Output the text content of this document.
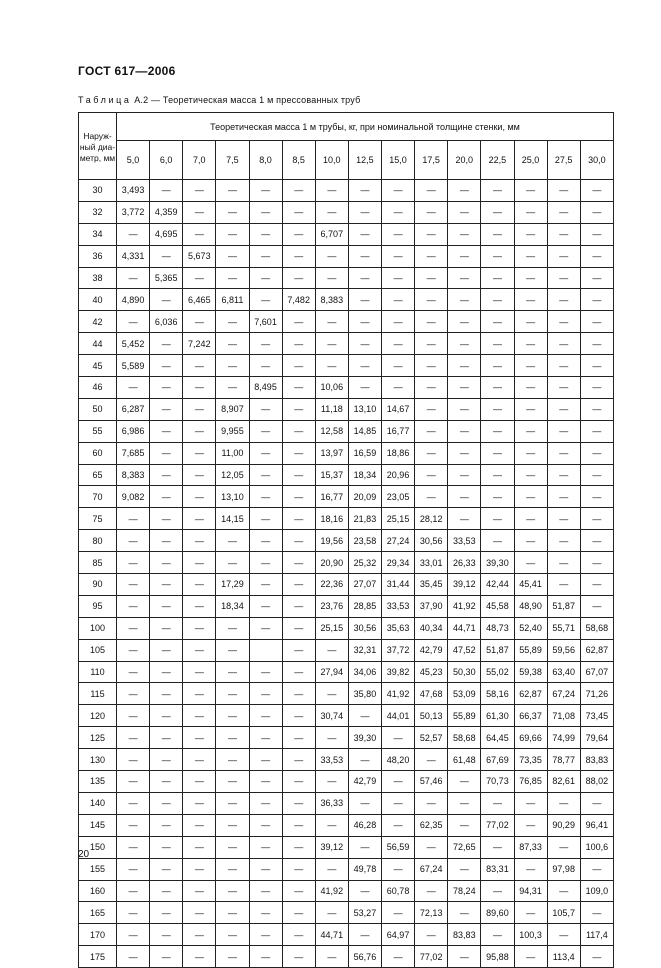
ГОСТ 617—2006
Таблица А.2 — Теоретическая масса 1 м прессованных труб
Наруж-ный диа-метр, мм	Теоретическая масса 1 м трубы, кг, при номинальной толщине стенки, мм														
	5,0	6,0	7,0	7,5	8,0	8,5	10,0	12,5	15,0	17,5	20,0	22,5	25,0	27,5	30,0
30	3,493	—	—	—	—	—	—	—	—	—	—	—	—	—	—
32	3,772	4,359	—	—	—	—	—	—	—	—	—	—	—	—	—
34	—	4,695	—	—	—	—	6,707	—	—	—	—	—	—	—	—
36	4,331	—	5,673	—	—	—	—	—	—	—	—	—	—	—	—
38	—	5,365	—	—	—	—	—	—	—	—	—	—	—	—	—
40	4,890	—	6,465	6,811	—	7,482	8,383	—	—	—	—	—	—	—	—
42	—	6,036	—	—	7,601	—	—	—	—	—	—	—	—	—	—
44	5,452	—	7,242	—	—	—	—	—	—	—	—	—	—	—	—
45	5,589	—	—	—	—	—	—	—	—	—	—	—	—	—	—
46	—	—	—	—	8,495	—	10,06	—	—	—	—	—	—	—	—
50	6,287	—	—	8,907	—	—	11,18	13,10	14,67	—	—	—	—	—	—
55	6,986	—	—	9,955	—	—	12,58	14,85	16,77	—	—	—	—	—	—
60	7,685	—	—	11,00	—	—	13,97	16,59	18,86	—	—	—	—	—	—
65	8,383	—	—	12,05	—	—	15,37	18,34	20,96	—	—	—	—	—	—
70	9,082	—	—	13,10	—	—	16,77	20,09	23,05	—	—	—	—	—	—
75	—	—	—	14,15	—	—	18,16	21,83	25,15	28,12	—	—	—	—	—
80	—	—	—	—	—	—	19,56	23,58	27,24	30,56	33,53	—	—	—	—
85	—	—	—	—	—	—	20,90	25,32	29,34	33,01	26,33	39,30	—	—	—
90	—	—	—	17,29	—	—	22,36	27,07	31,44	35,45	39,12	42,44	45,41	—	—
95	—	—	—	18,34	—	—	23,76	28,85	33,53	37,90	41,92	45,58	48,90	51,87	—
100	—	—	—	—	—	—	25,15	30,56	35,63	40,34	44,71	48,73	52,40	55,71	58,68
105	—	—	—	—		—	—	32,31	37,72	42,79	47,52	51,87	55,89	59,56	62,87
110	—	—	—	—	—	—	27,94	34,06	39,82	45,23	50,30	55,02	59,38	63,40	67,07
115	—	—	—	—	—	—	—	35,80	41,92	47,68	53,09	58,16	62,87	67,24	71,26
120	—	—	—	—	—	—	30,74	—	44,01	50,13	55,89	61,30	66,37	71,08	73,45
125	—	—	—	—	—	—	—	39,30	—	52,57	58,68	64,45	69,66	74,99	79,64
130	—	—	—	—	—	—	33,53	—	48,20	—	61,48	67,69	73,35	78,77	83,83
135	—	—	—	—	—	—	—	42,79	—	57,46	—	70,73	76,85	82,61	88,02
140	—	—	—	—	—	—	36,33	—	—	—	—	—	—	—	—
145	—	—	—	—	—	—	—	46,28	—	62,35	—	77,02	—	90,29	96,41
150	—	—	—	—	—	—	39,12	—	56,59	—	72,65	—	87,33	—	100,6
155	—	—	—	—	—	—	—	49,78	—	67,24	—	83,31	—	97,98	—
160	—	—	—	—	—	—	41,92	—	60,78	—	78,24	—	94,31	—	109,0
165	—	—	—	—	—	—	—	53,27	—	72,13	—	89,60	—	105,7	—
170	—	—	—	—	—	—	44,71	—	64,97	—	83,83	—	100,3	—	117,4
175	—	—	—	—	—	—	—	56,76	—	77,02	—	95,88	—	113,4	—
20
